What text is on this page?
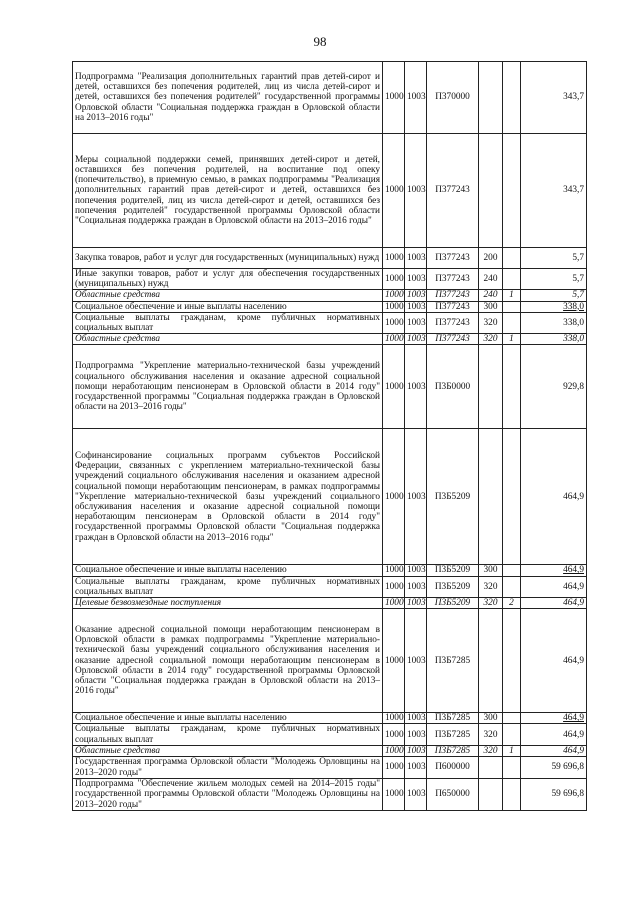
98
Подпрограмма "Реализация дополнительных гарантий прав детей-сирот и детей, оставшихся без попечения родителей, лиц из числа детей-сирот и детей, оставшихся без попечения родителей" государственной программы Орловской области "Социальная поддержка граждан в Орловской области на 2013–2016 годы"	1000	1003	П370000			343,7
Меры социальной поддержки семей, принявших детей-сирот и детей, оставшихся без попечения родителей, на воспитание под опеку (попечительство), в приемную семью, в рамках подпрограммы "Реализация дополнительных гарантий прав детей-сирот и детей, оставшихся без попечения родителей, лиц из числа детей-сирот и детей, оставшихся без попечения родителей" государственной программы Орловской области "Социальная поддержка граждан в Орловской области на 2013–2016 годы"	1000	1003	П377243			343,7
Закупка товаров, работ и услуг для государственных (муниципальных) нужд	1000	1003	П377243	200		5,7
Иные закупки товаров, работ и услуг для обеспечения государственных (муниципальных) нужд	1000	1003	П377243	240		5,7
Областные средства	1000	1003	П377243	240	1	5,7
Социальное обеспечение и иные выплаты населению	1000	1003	П377243	300		338,0
Социальные выплаты гражданам, кроме публичных нормативных социальных выплат	1000	1003	П377243	320		338,0
Областные средства	1000	1003	П377243	320	1	338,0
Подпрограмма "Укрепление материально-технической базы учреждений социального обслуживания населения и оказание адресной социальной помощи неработающим пенсионерам в Орловской области в 2014 году" государственной программы "Социальная поддержка граждан в Орловской области на 2013–2016 годы"	1000	1003	П3Б0000			929,8
Софинансирование социальных программ субъектов Российской Федерации, связанных с укреплением материально-технической базы учреждений социального обслуживания населения и оказанием адресной социальной помощи неработающим пенсионерам, в рамках подпрограммы "Укрепление материально-технической базы учреждений социального обслуживания населения и оказание адресной социальной помощи неработающим пенсионерам в Орловской области в 2014 году" государственной программы Орловской области "Социальная поддержка граждан в Орловской области на 2013–2016 годы"	1000	1003	П3Б5209			464,9
Социальное обеспечение и иные выплаты населению	1000	1003	П3Б5209	300		464,9
Социальные выплаты гражданам, кроме публичных нормативных социальных выплат	1000	1003	П3Б5209	320		464,9
Целевые безвозмездные поступления	1000	1003	П3Б5209	320	2	464,9
Оказание адресной социальной помощи неработающим пенсионерам в Орловской области в рамках подпрограммы "Укрепление материально-технической базы учреждений социального обслуживания населения и оказание адресной социальной помощи неработающим пенсионерам в Орловской области в 2014 году" государственной программы Орловской области "Социальная поддержка граждан в Орловской области на 2013–2016 годы"	1000	1003	П3Б7285			464,9
Социальное обеспечение и иные выплаты населению	1000	1003	П3Б7285	300		464,9
Социальные выплаты гражданам, кроме публичных нормативных социальных выплат	1000	1003	П3Б7285	320		464,9
Областные средства	1000	1003	П3Б7285	320	1	464,9
Государственная программа Орловской области "Молодежь Орловщины на 2013–2020 годы"	1000	1003	П600000			59 696,8
Подпрограмма "Обеспечение жильем молодых семей на 2014–2015 годы" государственной программы Орловской области "Молодежь Орловщины на 2013–2020 годы"	1000	1003	П650000			59 696,8
